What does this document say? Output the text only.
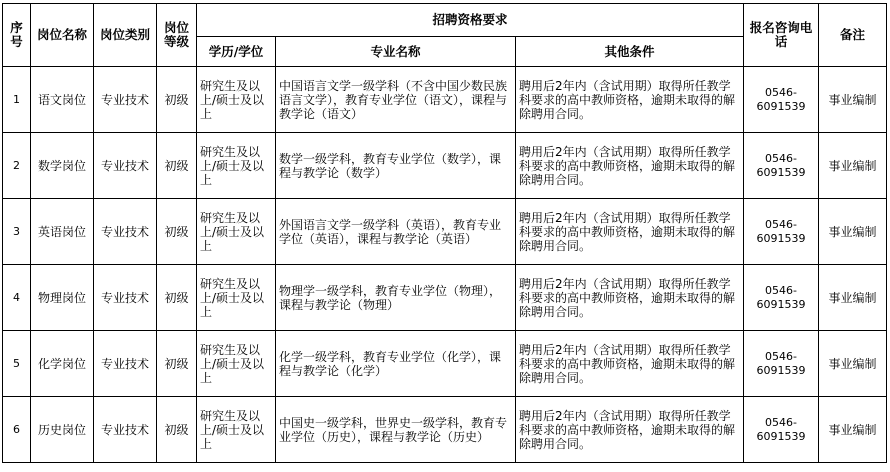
序号	岗位名称	岗位类别	岗位等级	招聘资格要求			报名咨询电话	备注
				学历/学位	专业名称	其他条件		
1	语文岗位	专业技术	初级	研究生及以上/硕士及以上	中国语言文学一级学科（不含中国少数民族语言文学），教育专业学位（语文），课程与教学论（语文）	聘用后2年内（含试用期）取得所任教学科要求的高中教师资格，逾期未取得的解除聘用合同。	0546-6091539	事业编制
2	数学岗位	专业技术	初级	研究生及以上/硕士及以上	数学一级学科，教育专业学位（数学），课程与教学论（数学）	聘用后2年内（含试用期）取得所任教学科要求的高中教师资格，逾期未取得的解除聘用合同。	0546-6091539	事业编制
3	英语岗位	专业技术	初级	研究生及以上/硕士及以上	外国语言文学一级学科（英语），教育专业学位（英语），课程与教学论（英语）	聘用后2年内（含试用期）取得所任教学科要求的高中教师资格，逾期未取得的解除聘用合同。	0546-6091539	事业编制
4	物理岗位	专业技术	初级	研究生及以上/硕士及以上	物理学一级学科，教育专业学位（物理），课程与教学论（物理）	聘用后2年内（含试用期）取得所任教学科要求的高中教师资格，逾期未取得的解除聘用合同。	0546-6091539	事业编制
5	化学岗位	专业技术	初级	研究生及以上/硕士及以上	化学一级学科，教育专业学位（化学），课程与教学论（化学）	聘用后2年内（含试用期）取得所任教学科要求的高中教师资格，逾期未取得的解除聘用合同。	0546-6091539	事业编制
6	历史岗位	专业技术	初级	研究生及以上/硕士及以上	中国史一级学科，世界史一级学科，教育专业学位（历史），课程与教学论（历史）	聘用后2年内（含试用期）取得所任教学科要求的高中教师资格，逾期未取得的解除聘用合同。	0546-6091539	事业编制
